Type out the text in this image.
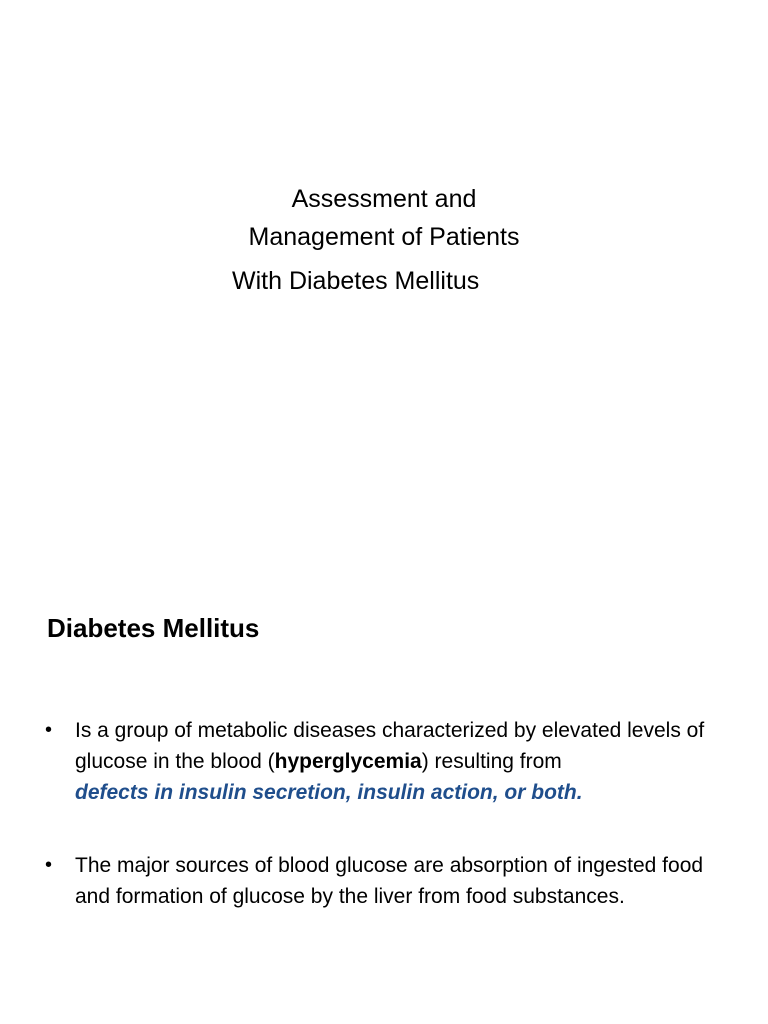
Assessment and
Management of Patients
With Diabetes Mellitus
Diabetes Mellitus
• Is a group of metabolic diseases characterized by elevated levels of glucose in the blood (hyperglycemia) resulting from
defects in insulin secretion, insulin action, or both.
• The major sources of blood glucose are absorption of ingested food and formation of glucose by the liver from food substances.
